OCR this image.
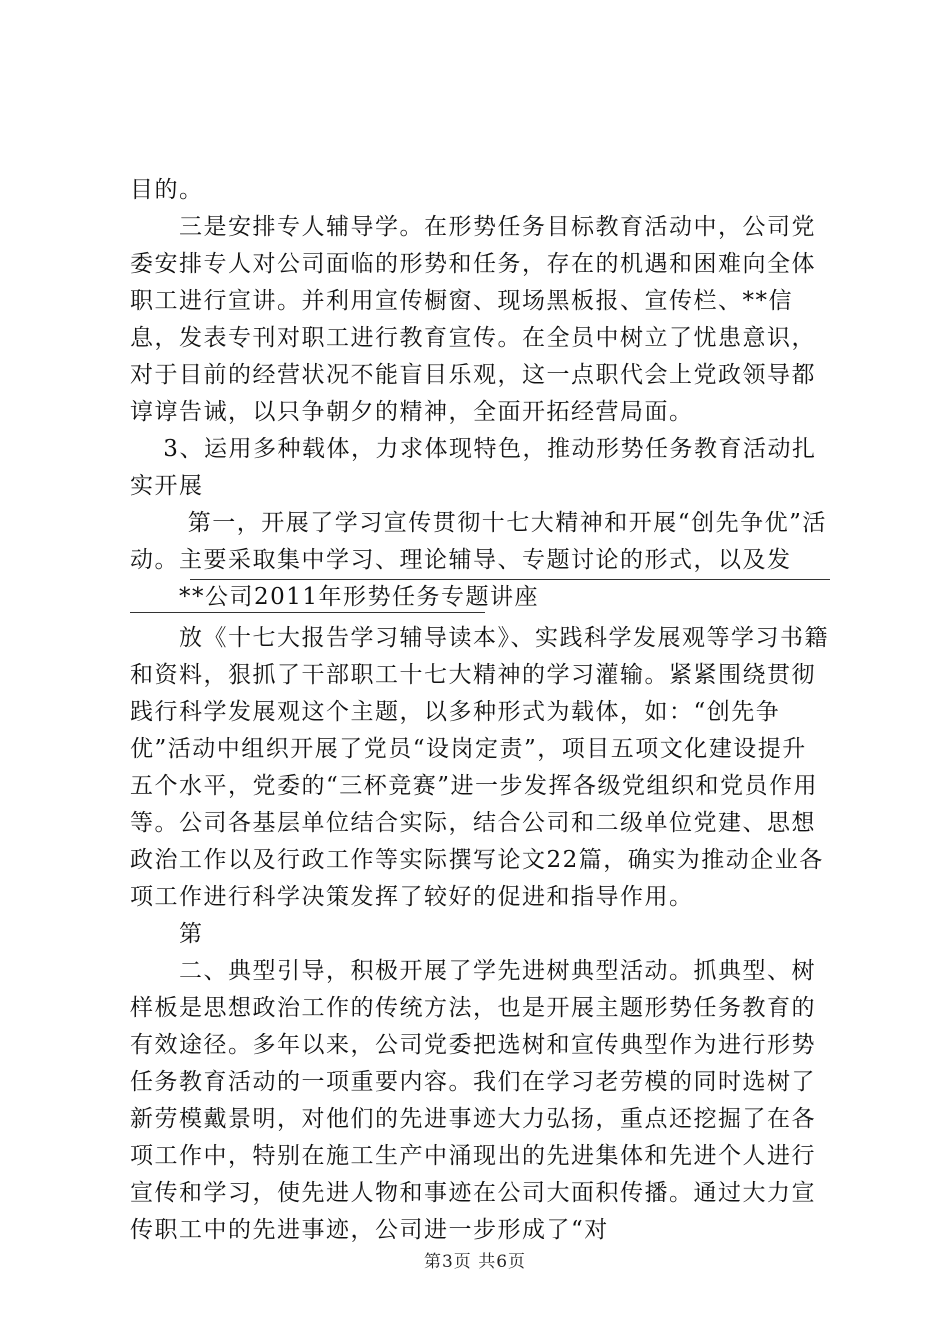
目的。
　　三是安排专人辅导学。在形势任务目标教育活动中，公司党委安排专人对公司面临的形势和任务，存在的机遇和困难向全体职工进行宣讲。并利用宣传橱窗、现场黑板报、宣传栏、**信息，发表专刊对职工进行教育宣传。在全员中树立了忧患意识，对于目前的经营状况不能盲目乐观，这一点职代会上党政领导都谆谆告诫，以只争朝夕的精神，全面开拓经营局面。
　 3、运用多种载体，力求体现特色，推动形势任务教育活动扎实开展
　　 第一，开展了学习宣传贯彻十七大精神和开展“创先争优”活动。主要采取集中学习、理论辅导、专题讨论的形式，以及发
　　**公司2011年形势任务专题讲座
　　放《十七大报告学习辅导读本》、实践科学发展观等学习书籍和资料，狠抓了干部职工十七大精神的学习灌输。紧紧围绕贯彻践行科学发展观这个主题，以多种形式为载体，如：“创先争优”活动中组织开展了党员“设岗定责”，项目五项文化建设提升五个水平，党委的“三杯竞赛”进一步发挥各级党组织和党员作用等。公司各基层单位结合实际，结合公司和二级单位党建、思想政治工作以及行政工作等实际撰写论文22篇，确实为推动企业各项工作进行科学决策发挥了较好的促进和指导作用。
　　第
　　二、典型引导，积极开展了学先进树典型活动。抓典型、树样板是思想政治工作的传统方法，也是开展主题形势任务教育的有效途径。多年以来，公司党委把选树和宣传典型作为进行形势任务教育活动的一项重要内容。我们在学习老劳模的同时选树了新劳模戴景明，对他们的先进事迹大力弘扬，重点还挖掘了在各项工作中，特别在施工生产中涌现出的先进集体和先进个人进行宣传和学习，使先进人物和事迹在公司大面积传播。通过大力宣传职工中的先进事迹，公司进一步形成了“对
第3页 共6页
